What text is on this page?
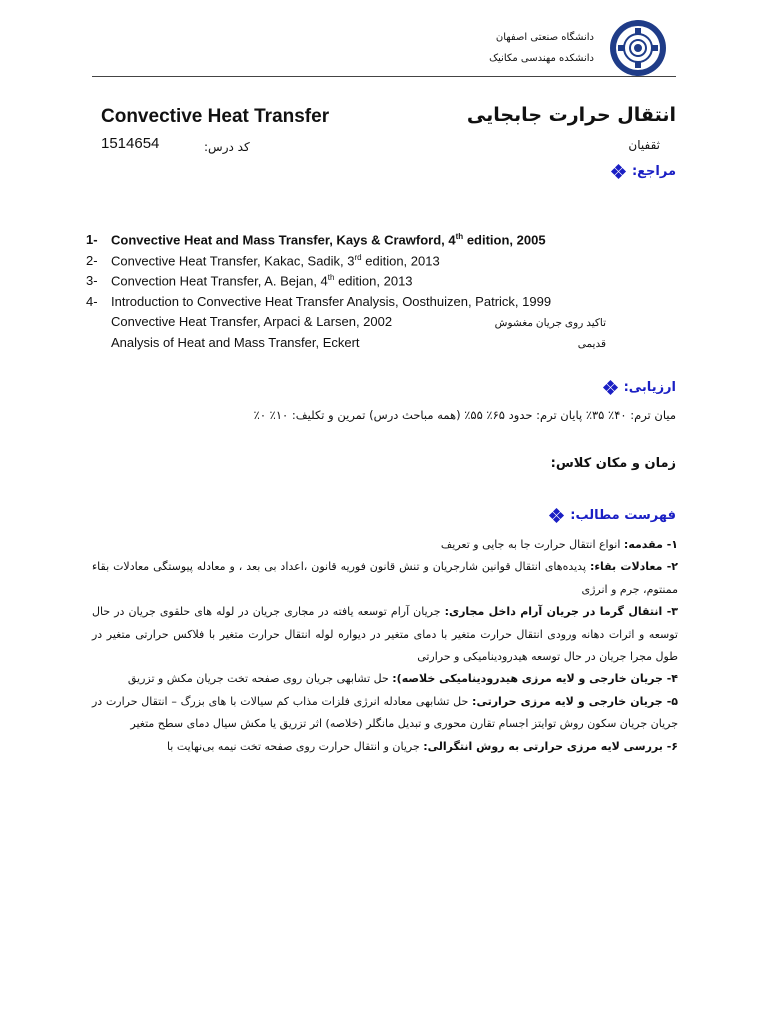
دانشگاه صنعتی اصفهان
دانشکده مهندسی مکانیک
Convective Heat Transfer	انتقال حرارت جابجایی
1514654	کد درس:	ثقفیان
مراجع:
1-	Convective Heat and Mass Transfer, Kays & Crawford, 4th edition, 2005
2-	Convective Heat Transfer, Kakac, Sadik, 3rd edition, 2013
3-	Convection Heat Transfer, A. Bejan, 4th edition, 2013
4-	Introduction to Convective Heat Transfer Analysis, Oosthuizen, Patrick, 1999
Convective Heat Transfer, Arpaci & Larsen, 2002	تاکید روی جریان مغشوش
Analysis of Heat and Mass Transfer, Eckert	قدیمی
ارزیابی:
میان ترم: ۴۰٪ ۳۵٪ پایان ترم: حدود ۶۵٪ ۵۵٪ (همه مباحث درس) تمرین و تکلیف: ۱۰٪ ۰٪
زمان و مکان کلاس:
فهرست مطالب:

۱- مقدمه: انواع انتقال حرارت جا به جایی و تعریف

۲- معادلات بقاء: پدیده‌های انتقال قوانین شارجریان و تنش قانون فوریه قانون ،اعداد بی بعد ، و معادله پیوستگی معادلات بقاء ممنتوم، جرم و انرژی

۳- انتقال گرما در جریان آرام داخل مجاری: جریان آرام توسعه یافته در مجاری جریان در لوله های حلقوی جریان در حال توسعه و اثرات دهانه ورودی انتقال حرارت متغیر با دمای متغیر در دیواره لوله انتقال حرارت متغیر با فلاکس حرارتی متغیر در طول مجرا جریان در حال توسعه هیدرودینامیکی و حرارتی

۴- جریان خارجی و لایه مرزی هیدرودینامیکی خلاصه): حل تشابهی جریان روی صفحه تخت جریان مکش و تزریق

۵- جریان خارجی و لایه مرزی حرارتی: حل تشابهی معادله انرژی فلزات مذاب کم سیالات با های بزرگ – انتقال حرارت در جریان جریان سکون روش توایتز اجسام تقارن محوری و تبدیل مانگلر (خلاصه) اثر تزریق یا مکش سیال دمای سطح متغیر

۶- بررسی لایه مرزی حرارتی به روش انتگرالی: جریان و انتقال حرارت روی صفحه تخت نیمه بی‌نهایت با
